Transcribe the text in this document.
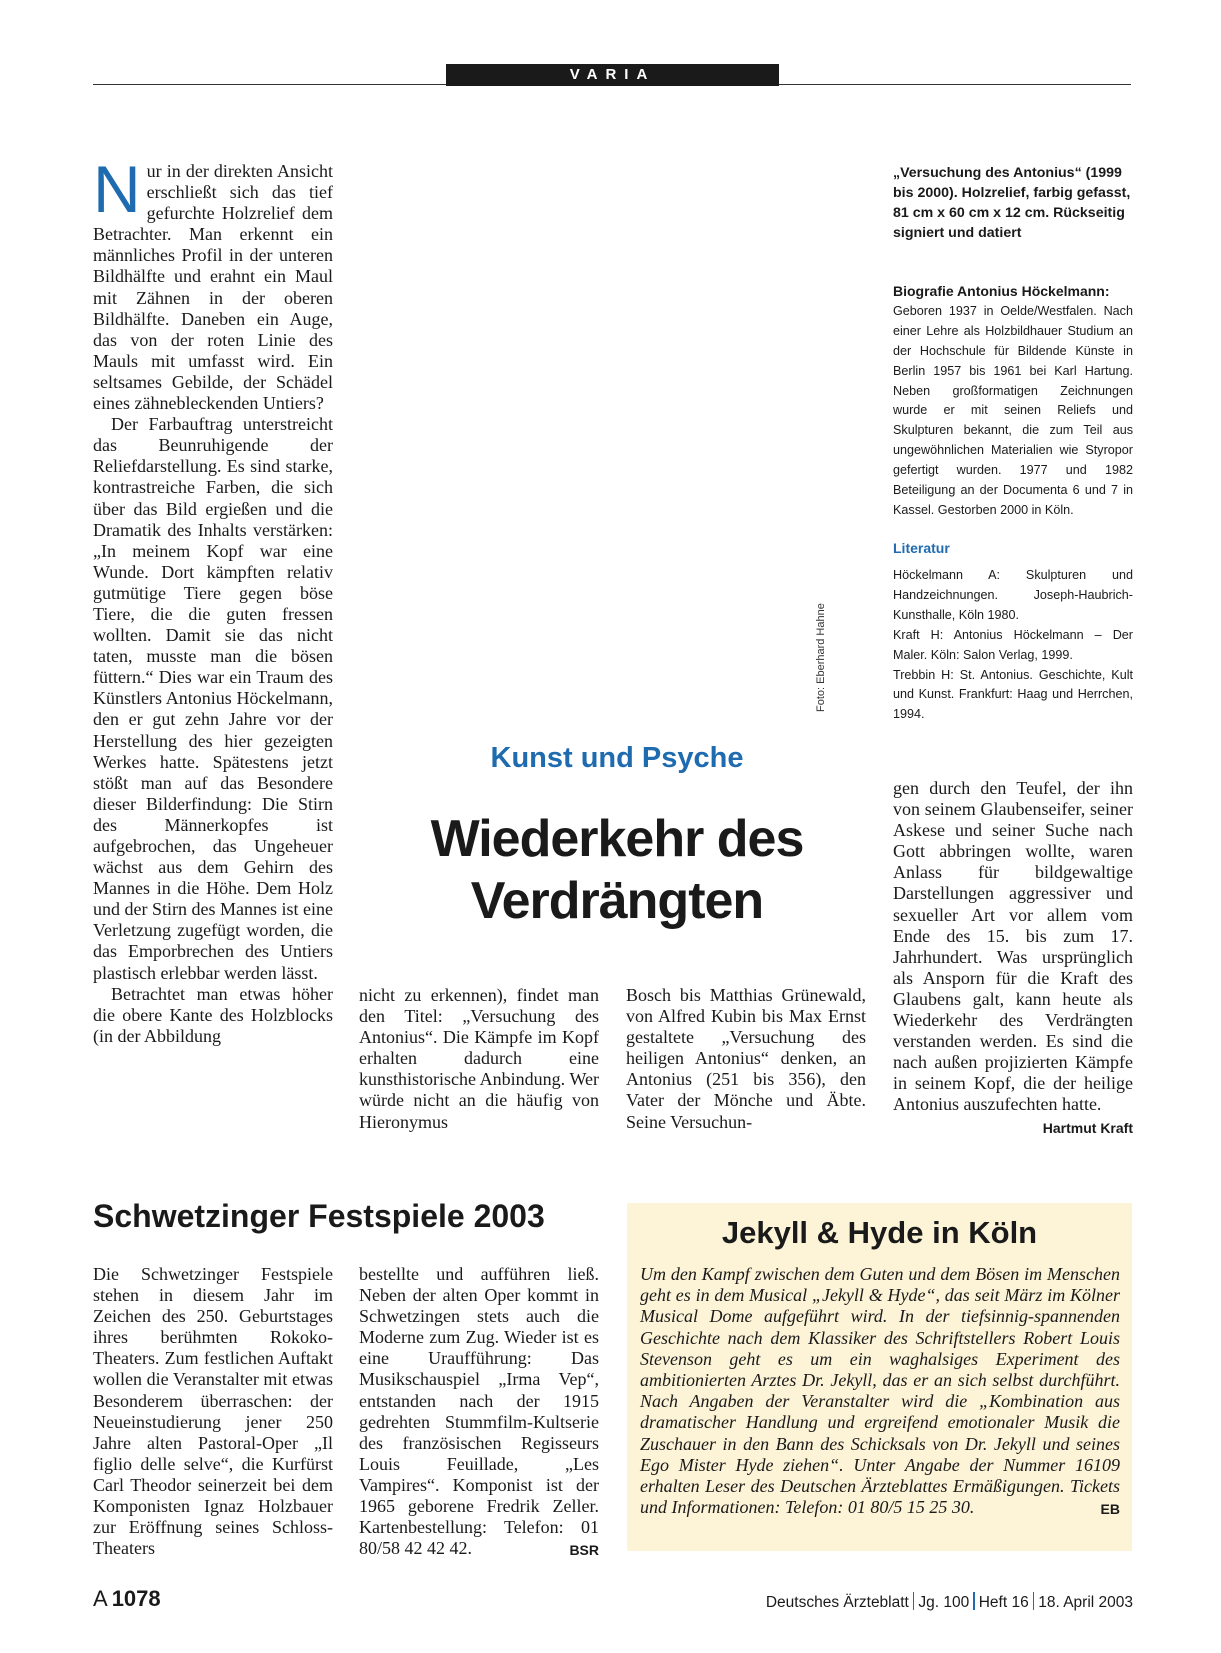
VARIA

Nur in der direkten Ansicht erschließt sich das tief gefurchte Holzrelief dem Betrachter. Man erkennt ein männliches Profil in der unteren Bildhälfte und erahnt ein Maul mit Zähnen in der oberen Bildhälfte. Daneben ein Auge, das von der roten Linie des Mauls mit umfasst wird. Ein seltsames Gebilde, der Schädel eines zähnebleckenden Untiers?

Der Farbauftrag unterstreicht das Beunruhigende der Reliefdarstellung. Es sind starke, kontrastreiche Farben, die sich über das Bild ergießen und die Dramatik des Inhalts verstärken: „In meinem Kopf war eine Wunde. Dort kämpften relativ gutmütige Tiere gegen böse Tiere, die die guten fressen wollten. Damit sie das nicht taten, musste man die bösen füttern.“ Dies war ein Traum des Künstlers Antonius Höckelmann, den er gut zehn Jahre vor der Herstellung des hier gezeigten Werkes hatte. Spätestens jetzt stößt man auf das Besondere dieser Bilderfindung: Die Stirn des Männerkopfes ist aufgebrochen, das Ungeheuer wächst aus dem Gehirn des Mannes in die Höhe. Dem Holz und der Stirn des Mannes ist eine Verletzung zugefügt worden, die das Emporbrechen des Untiers plastisch erlebbar werden lässt.

Betrachtet man etwas höher die obere Kante des Holzblocks (in der Abbildung

„Versuchung des Antonius“ (1999 bis 2000). Holzrelief, farbig gefasst, 81 cm x 60 cm x 12 cm. Rückseitig signiert und datiert
Biografie Antonius Höckelmann:
Geboren 1937 in Oelde/Westfalen. Nach einer Lehre als Holzbildhauer Studium an der Hochschule für Bildende Künste in Berlin 1957 bis 1961 bei Karl Hartung. Neben großformatigen Zeichnungen wurde er mit seinen Reliefs und Skulpturen bekannt, die zum Teil aus ungewöhnlichen Materialien wie Styropor gefertigt wurden. 1977 und 1982 Beteiligung an der Documenta 6 und 7 in Kassel. Gestorben 2000 in Köln.
Literatur
Höckelmann A: Skulpturen und Handzeichnungen. Joseph-Haubrich-Kunsthalle, Köln 1980.
Kraft H: Antonius Höckelmann – Der Maler. Köln: Salon Verlag, 1999.
Trebbin H: St. Antonius. Geschichte, Kult und Kunst. Frankfurt: Haag und Herrchen, 1994.
Foto: Eberhard Hahne
Kunst und Psyche
Wiederkehr des
Verdrängten

nicht zu erkennen), findet man den Titel: „Versuchung des Antonius“. Die Kämpfe im Kopf erhalten dadurch eine kunsthistorische Anbindung. Wer würde nicht an die häufig von Hieronymus

Bosch bis Matthias Grünewald, von Alfred Kubin bis Max Ernst gestaltete „Versuchung des heiligen Antonius“ denken, an Antonius (251 bis 356), den Vater der Mönche und Äbte. Seine Versuchun-

gen durch den Teufel, der ihn von seinem Glaubenseifer, seiner Askese und seiner Suche nach Gott abbringen wollte, waren Anlass für bildgewaltige Darstellungen aggressiver und sexueller Art vor allem vom Ende des 15. bis zum 17. Jahrhundert. Was ursprünglich als Ansporn für die Kraft des Glaubens galt, kann heute als Wiederkehr des Verdrängten verstanden werden. Es sind die nach außen projizierten Kämpfe in seinem Kopf, die der heilige Antonius auszufechten hatte.
Hartmut Kraft

Schwetzinger Festspiele 2003

Die Schwetzinger Festspiele stehen in diesem Jahr im Zeichen des 250. Geburtstages ihres berühmten Rokoko-Theaters. Zum festlichen Auftakt wollen die Veranstalter mit etwas Besonderem überraschen: der Neueinstudierung jener 250 Jahre alten Pastoral-Oper „Il figlio delle selve“, die Kurfürst Carl Theodor seinerzeit bei dem Komponisten Ignaz Holzbauer zur Eröffnung seines Schloss-Theaters

bestellte und aufführen ließ. Neben der alten Oper kommt in Schwetzingen stets auch die Moderne zum Zug. Wieder ist es eine Uraufführung: Das Musikschauspiel „Irma Vep“, entstanden nach der 1915 gedrehten Stummfilm-Kultserie des französischen Regisseurs Louis Feuillade, „Les Vampires“. Komponist ist der 1965 geborene Fredrik Zeller. Kartenbestellung: Telefon: 01 80/58 42 42 42.	BSR

Jekyll & Hyde in Köln
Um den Kampf zwischen dem Guten und dem Bösen im Menschen geht es in dem Musical „Jekyll & Hyde“, das seit März im Kölner Musical Dome aufgeführt wird. In der tiefsinnig-spannenden Geschichte nach dem Klassiker des Schriftstellers Robert Louis Stevenson geht es um ein waghalsiges Experiment des ambitionierten Arztes Dr. Jekyll, das er an sich selbst durchführt. Nach Angaben der Veranstalter wird die „Kombination aus dramatischer Handlung und ergreifend emotionaler Musik die Zuschauer in den Bann des Schicksals von Dr. Jekyll und seines Ego Mister Hyde ziehen“. Unter Angabe der Nummer 16109 erhalten Leser des Deutschen Ärzteblattes Ermäßigungen. Tickets und Informationen: Telefon: 01 80/5 15 25 30.	EB
A 1078	Deutsches Ärzteblatt Jg. 100 Heft 16 18. April 2003
